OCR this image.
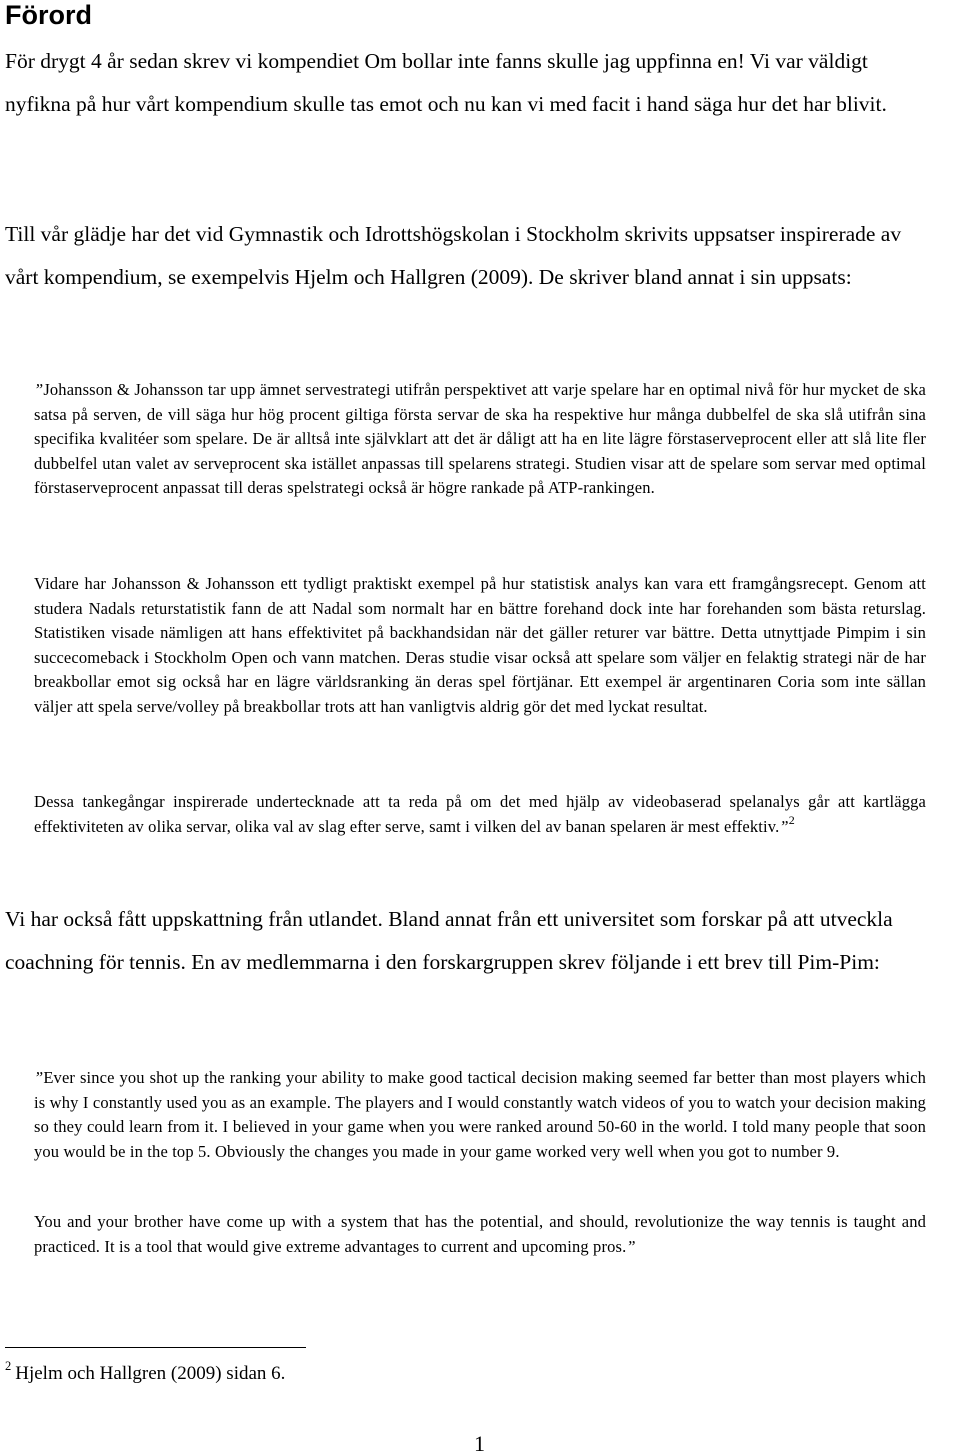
Förord

För drygt 4 år sedan skrev vi kompendiet Om bollar inte fanns skulle jag uppfinna en! Vi var väldigt nyfikna på hur vårt kompendium skulle tas emot och nu kan vi med facit i hand säga hur det har blivit.

Till vår glädje har det vid Gymnastik och Idrottshögskolan i Stockholm skrivits uppsatser inspirerade av vårt kompendium, se exempelvis Hjelm och Hallgren (2009). De skriver bland annat i sin uppsats:

”Johansson & Johansson tar upp ämnet servestrategi utifrån perspektivet att varje spelare har en optimal nivå för hur mycket de ska satsa på serven, de vill säga hur hög procent giltiga första servar de ska ha respektive hur många dubbelfel de ska slå utifrån sina specifika kvalitéer som spelare. De är alltså inte självklart att det är dåligt att ha en lite lägre förstaserveprocent eller att slå lite fler dubbelfel utan valet av serveprocent ska istället anpassas till spelarens strategi. Studien visar att de spelare som servar med optimal förstaserveprocent anpassat till deras spelstrategi också är högre rankade på ATP-rankingen.

Vidare har Johansson & Johansson ett tydligt praktiskt exempel på hur statistisk analys kan vara ett framgångsrecept. Genom att studera Nadals returstatistik fann de att Nadal som normalt har en bättre forehand dock inte har forehanden som bästa returslag. Statistiken visade nämligen att hans effektivitet på backhandsidan när det gäller returer var bättre. Detta utnyttjade Pimpim i sin succecomeback i Stockholm Open och vann matchen. Deras studie visar också att spelare som väljer en felaktig strategi när de har breakbollar emot sig också har en lägre världsranking än deras spel förtjänar. Ett exempel är argentinaren Coria som inte sällan väljer att spela serve/volley på breakbollar trots att han vanligtvis aldrig gör det med lyckat resultat.

Dessa tankegångar inspirerade undertecknade att ta reda på om det med hjälp av videobaserad spelanalys går att kartlägga effektiviteten av olika servar, olika val av slag efter serve, samt i vilken del av banan spelaren är mest effektiv.”$^2$

Vi har också fått uppskattning från utlandet. Bland annat från ett universitet som forskar på att utveckla coachning för tennis. En av medlemmarna i den forskargruppen skrev följande i ett brev till Pim-Pim:

”Ever since you shot up the ranking your ability to make good tactical decision making seemed far better than most players which is why I constantly used you as an example. The players and I would constantly watch videos of you to watch your decision making so they could learn from it. I believed in your game when you were ranked around 50-60 in the world. I told many people that soon you would be in the top 5. Obviously the changes you made in your game worked very well when you got to number 9.

You and your brother have come up with a system that has the potential, and should, revolutionize the way tennis is taught and practiced. It is a tool that would give extreme advantages to current and upcoming pros.”

$^2$ Hjelm och Hallgren (2009) sidan 6.
1
